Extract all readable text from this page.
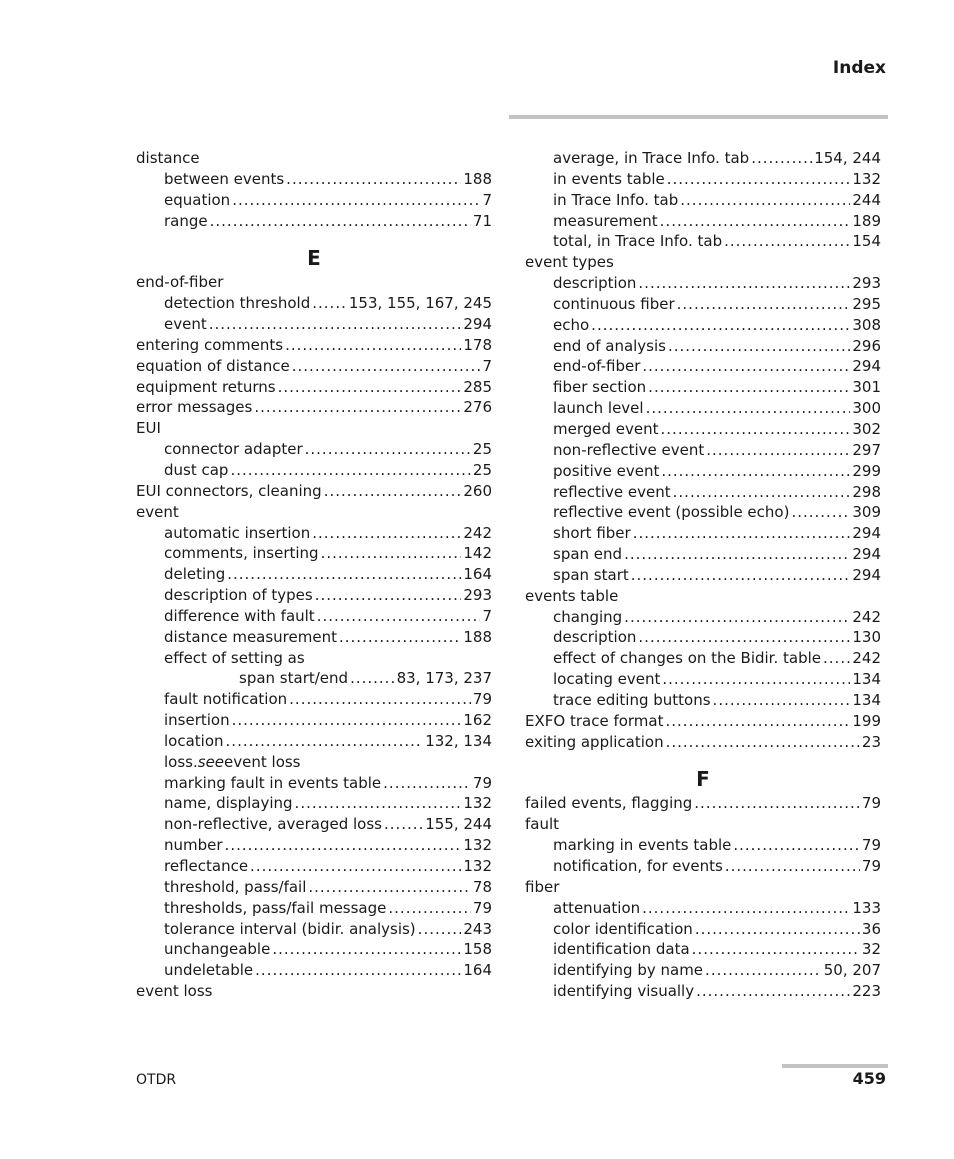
Index
distance
between events .....	188
equation .....	7
range .....	71
E
end-of-fiber
detection threshold .....	153, 155, 167, 245
event .....	294
entering comments .....	178
equation of distance .....	7
equipment returns .....	285
error messages .....	276
EUI
connector adapter .....	25
dust cap .....	25
EUI connectors, cleaning .....	260
event
automatic insertion .....	242
comments, inserting .....	142
deleting .....	164
description of types .....	293
difference with fault .....	7
distance measurement .....	188
effect of setting as
span start/end .....	83, 173, 237
fault notification .....	79
insertion .....	162
location .....	132, 134
loss. see event loss
marking fault in events table .....	79
name, displaying .....	132
non-reflective, averaged loss .....	155, 244
number .....	132
reflectance .....	132
threshold, pass/fail .....	78
thresholds, pass/fail message .....	79
tolerance interval (bidir. analysis) .....	243
unchangeable .....	158
undeletable .....	164
event loss
average, in Trace Info. tab .....	154, 244
in events table .....	132
in Trace Info. tab .....	244
measurement .....	189
total, in Trace Info. tab .....	154
event types
description .....	293
continuous fiber .....	295
echo .....	308
end of analysis .....	296
end-of-fiber .....	294
fiber section .....	301
launch level .....	300
merged event .....	302
non-reflective event .....	297
positive event .....	299
reflective event .....	298
reflective event (possible echo) .....	309
short fiber .....	294
span end .....	294
span start .....	294
events table
changing .....	242
description .....	130
effect of changes on the Bidir. table ..... 242
locating event .....	134
trace editing buttons .....	134
EXFO trace format .....	199
exiting application .....	23
F
failed events, flagging .....	79
fault
marking in events table .....	79
notification, for events .....	79
fiber
attenuation .....	133
color identification .....	36
identification data .....	32
identifying by name .....	50, 207
identifying visually .....	223
OTDR	459
